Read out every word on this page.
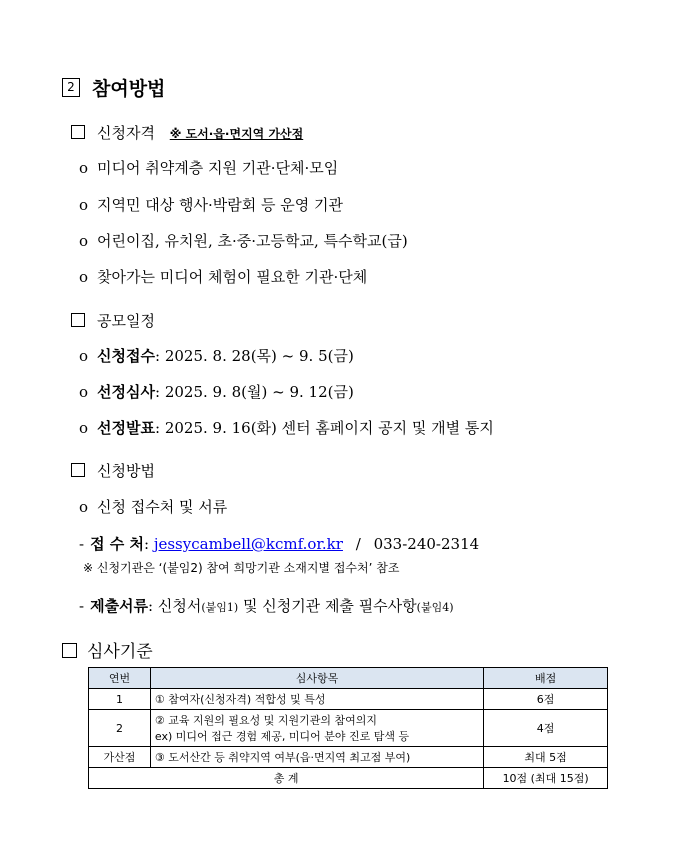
2 참여방법
신청자격 ※ 도서·읍·면지역 가산점
o 미디어 취약계층 지원 기관·단체·모임
o 지역민 대상 행사·박람회 등 운영 기관
o 어린이집, 유치원, 초·중·고등학교, 특수학교(급)
o 찾아가는 미디어 체험이 필요한 기관·단체
공모일정
o 신청접수: 2025. 8. 28(목) ~ 9. 5(금)
o 선정심사: 2025. 9. 8(월) ~ 9. 12(금)
o 선정발표: 2025. 9. 16(화) 센터 홈페이지 공지 및 개별 통지
신청방법
o 신청 접수처 및 서류
- 접 수 처: jessycambell@kcmf.or.kr / 033-240-2314
※ 신청기관은 ‘(붙임2) 참여 희망기관 소재지별 접수처’ 참조
- 제출서류: 신청서(붙임1) 및 신청기관 제출 필수사항(붙임4)
심사기준
연번	심사항목	배점
1	① 참여자(신청자격) 적합성 및 특성	6점
2	② 교육 지원의 필요성 및 지원기관의 참여의지
ex) 미디어 접근 경험 제공, 미디어 분야 진로 탐색 등	4점
가산점	③ 도서산간 등 취약지역 여부(읍·면지역 최고점 부여)	최대 5점
총 계		10점 (최대 15점)
